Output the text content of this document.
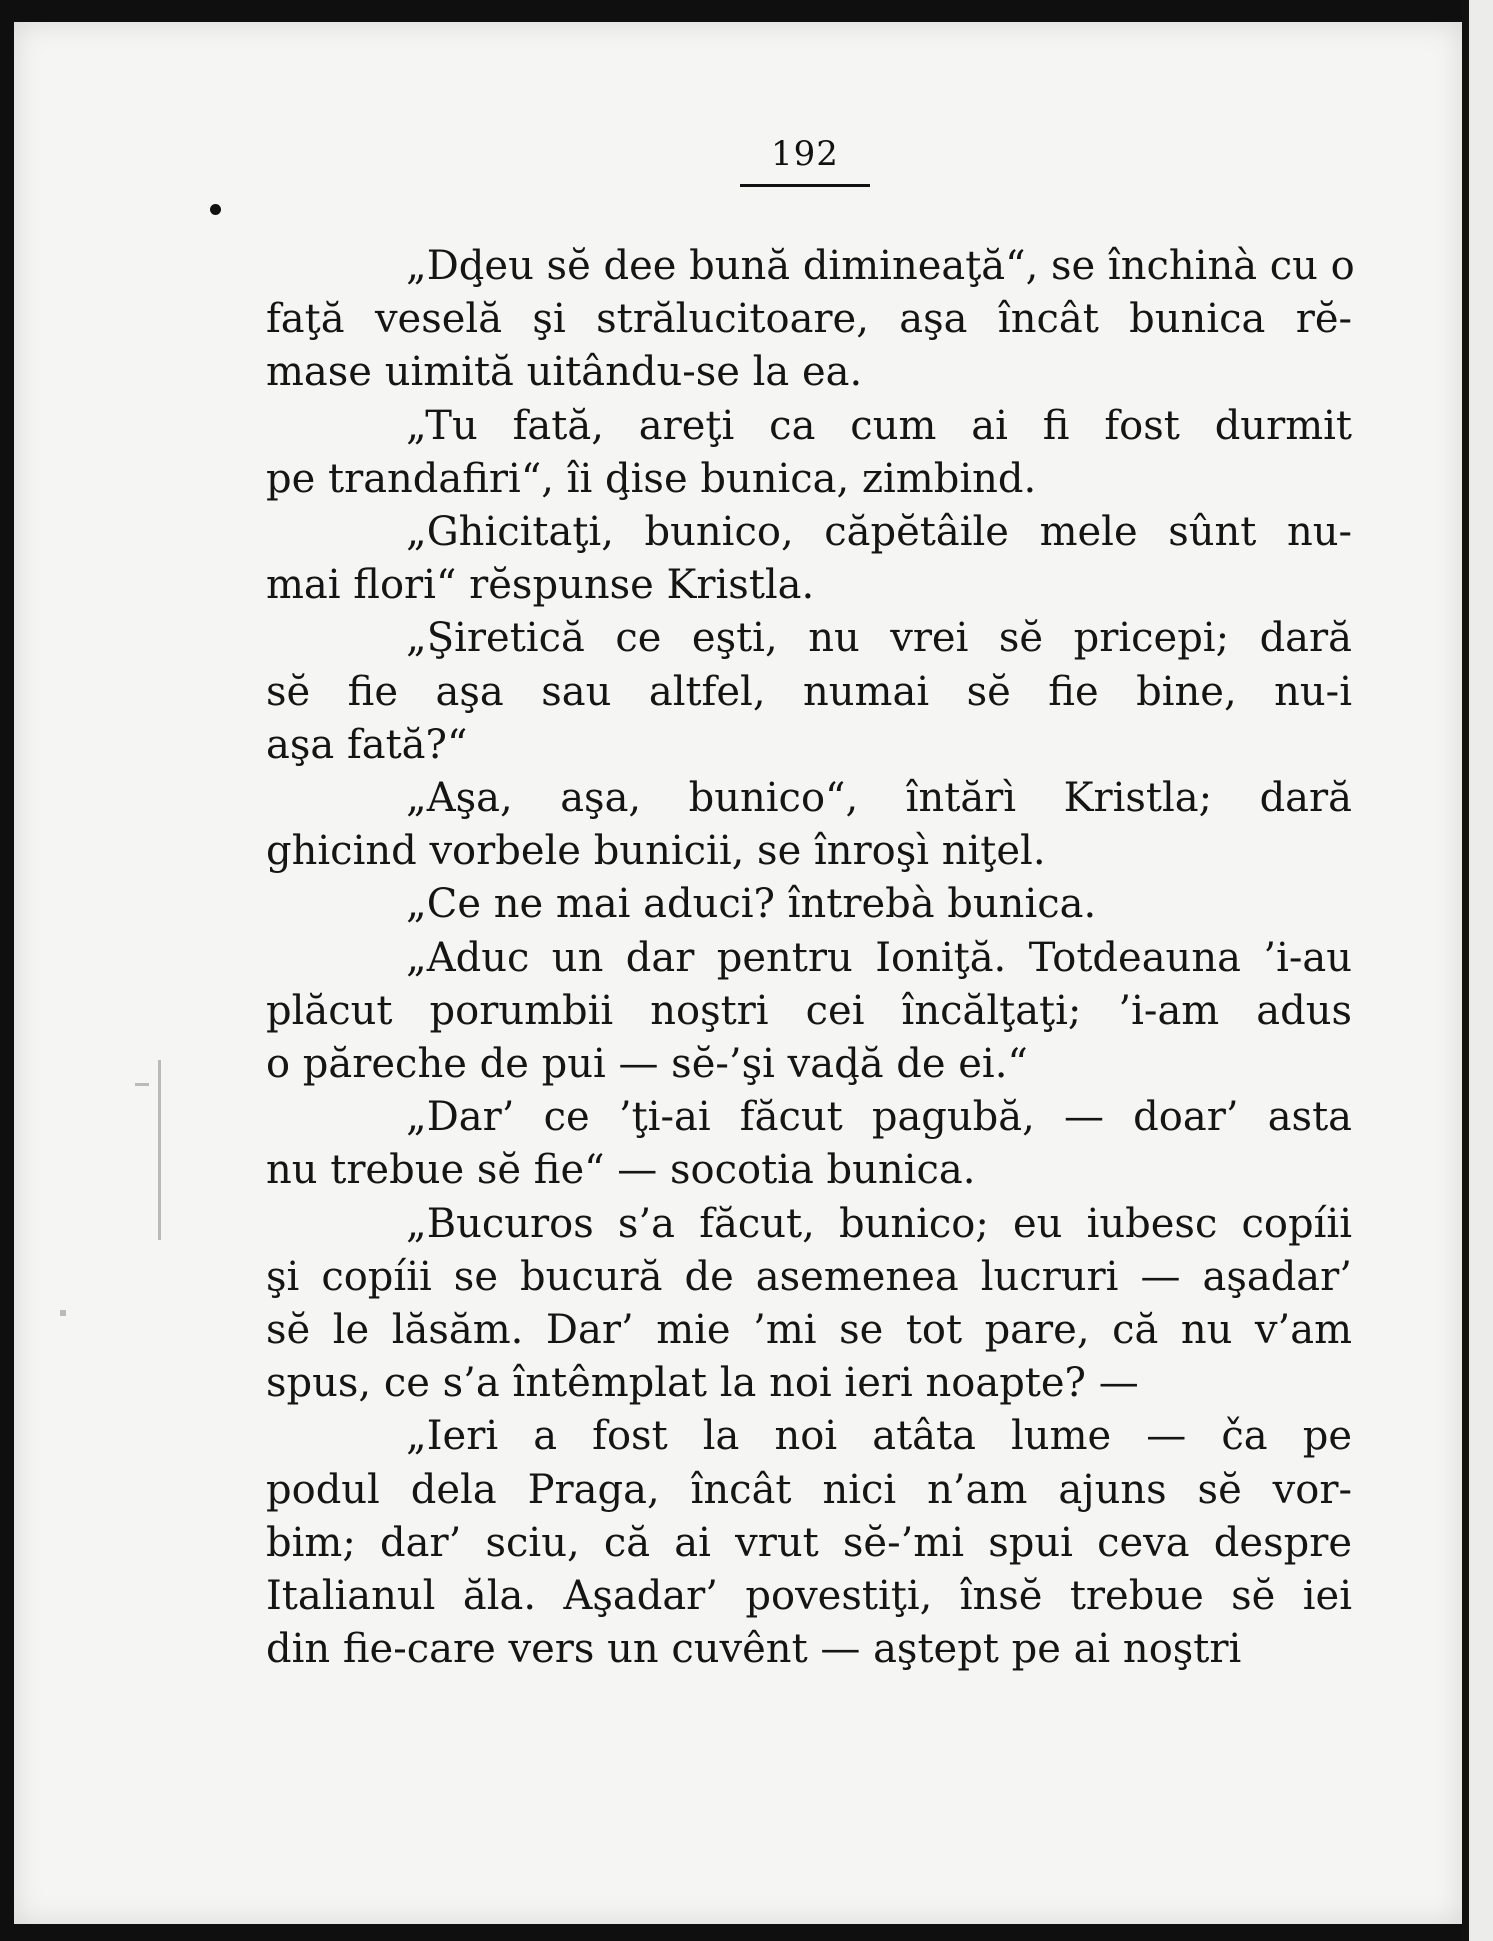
192
„Dḑeu sĕ dee bună dimineaţă“, se închinà cu o
faţă veselă şi strălucitoare, aşa încât bunica rĕ-
mase uimită uitându-se la ea.
„Tu fată, areţi ca cum ai fi fost durmit
pe trandafiri“, îi ḑise bunica, zimbind.
„Ghicitaţi, bunico, căpĕtâile mele sûnt nu-
mai flori“ rĕspunse Kristla.
„Şiretică ce eşti, nu vrei sĕ pricepi; dară
sĕ fie aşa sau altfel, numai sĕ fie bine, nu-i
aşa fată?“
„Aşa, aşa, bunico“, întărì Kristla; dară
ghicind vorbele bunicii, se înroşì niţel.
„Ce ne mai aduci? întrebà bunica.
„Aduc un dar pentru Ioniţă. Totdeauna ’i-au
plăcut porumbii noştri cei încălţaţi; ’i-am adus
o păreche de pui — sĕ-’şi vaḑă de ei.“
„Dar’ ce ’ţi-ai făcut pagubă, — doar’ asta
nu trebue sĕ fie“ — socotia bunica.
„Bucuros s’a făcut, bunico; eu iubesc copíii
şi copíii se bucură de asemenea lucruri — aşadar’
sĕ le lăsăm. Dar’ mie ’mi se tot pare, că nu v’am
spus, ce s’a întêmplat la noi ieri noapte? —
„Ieri a fost la noi atâta lume — ča pe
podul dela Praga, încât nici n’am ajuns sĕ vor-
bim; dar’ sciu, că ai vrut sĕ-’mi spui ceva despre
Italianul ăla. Aşadar’ povestiţi, însĕ trebue sĕ iei
din fie-care vers un cuvênt — aştept pe ai noştri
